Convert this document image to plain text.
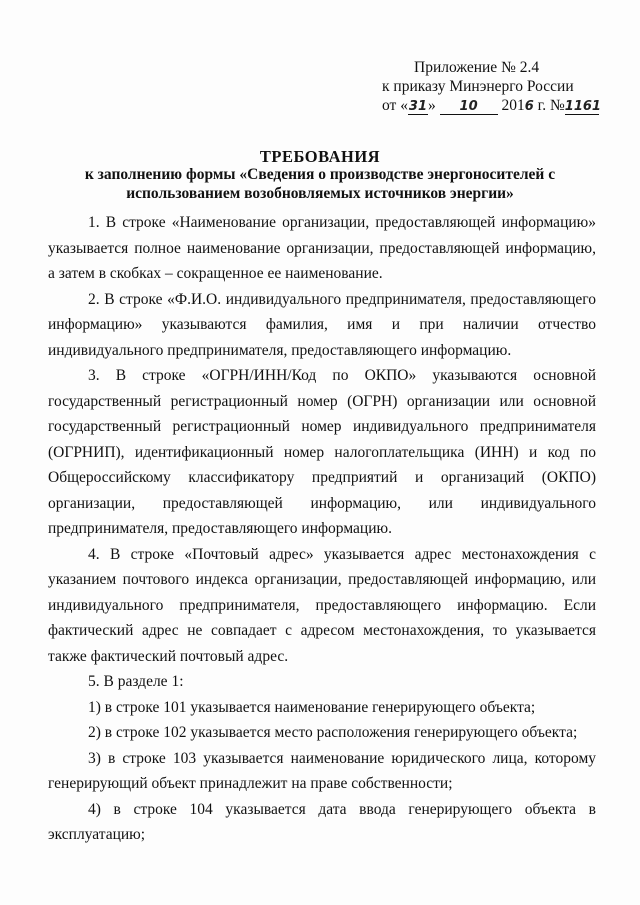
Приложение № 2.4
к приказу Минэнерго России
от «31» 10 2016 г. №1161
ТРЕБОВАНИЯ
к заполнению формы «Сведения о производстве энергоносителей с
использованием возобновляемых источников энергии»

1. В строке «Наименование организации, предоставляющей информацию» указывается полное наименование организации, предоставляющей информацию, а затем в скобках – сокращенное ее наименование.

2. В строке «Ф.И.О. индивидуального предпринимателя, предоставляющего информацию» указываются фамилия, имя и при наличии отчество индивидуального предпринимателя, предоставляющего информацию.

3. В строке «ОГРН/ИНН/Код по ОКПО» указываются основной государственный регистрационный номер (ОГРН) организации или основной государственный регистрационный номер индивидуального предпринимателя (ОГРНИП), идентификационный номер налогоплательщика (ИНН) и код по Общероссийскому классификатору предприятий и организаций (ОКПО) организации, предоставляющей информацию, или индивидуального предпринимателя, предоставляющего информацию.

4. В строке «Почтовый адрес» указывается адрес местонахождения с указанием почтового индекса организации, предоставляющей информацию, или индивидуального предпринимателя, предоставляющего информацию. Если фактический адрес не совпадает с адресом местонахождения, то указывается также фактический почтовый адрес.

5. В разделе 1:

1) в строке 101 указывается наименование генерирующего объекта;

2) в строке 102 указывается место расположения генерирующего объекта;

3) в строке 103 указывается наименование юридического лица, которому генерирующий объект принадлежит на праве собственности;

4) в строке 104 указывается дата ввода генерирующего объекта в эксплуатацию;
